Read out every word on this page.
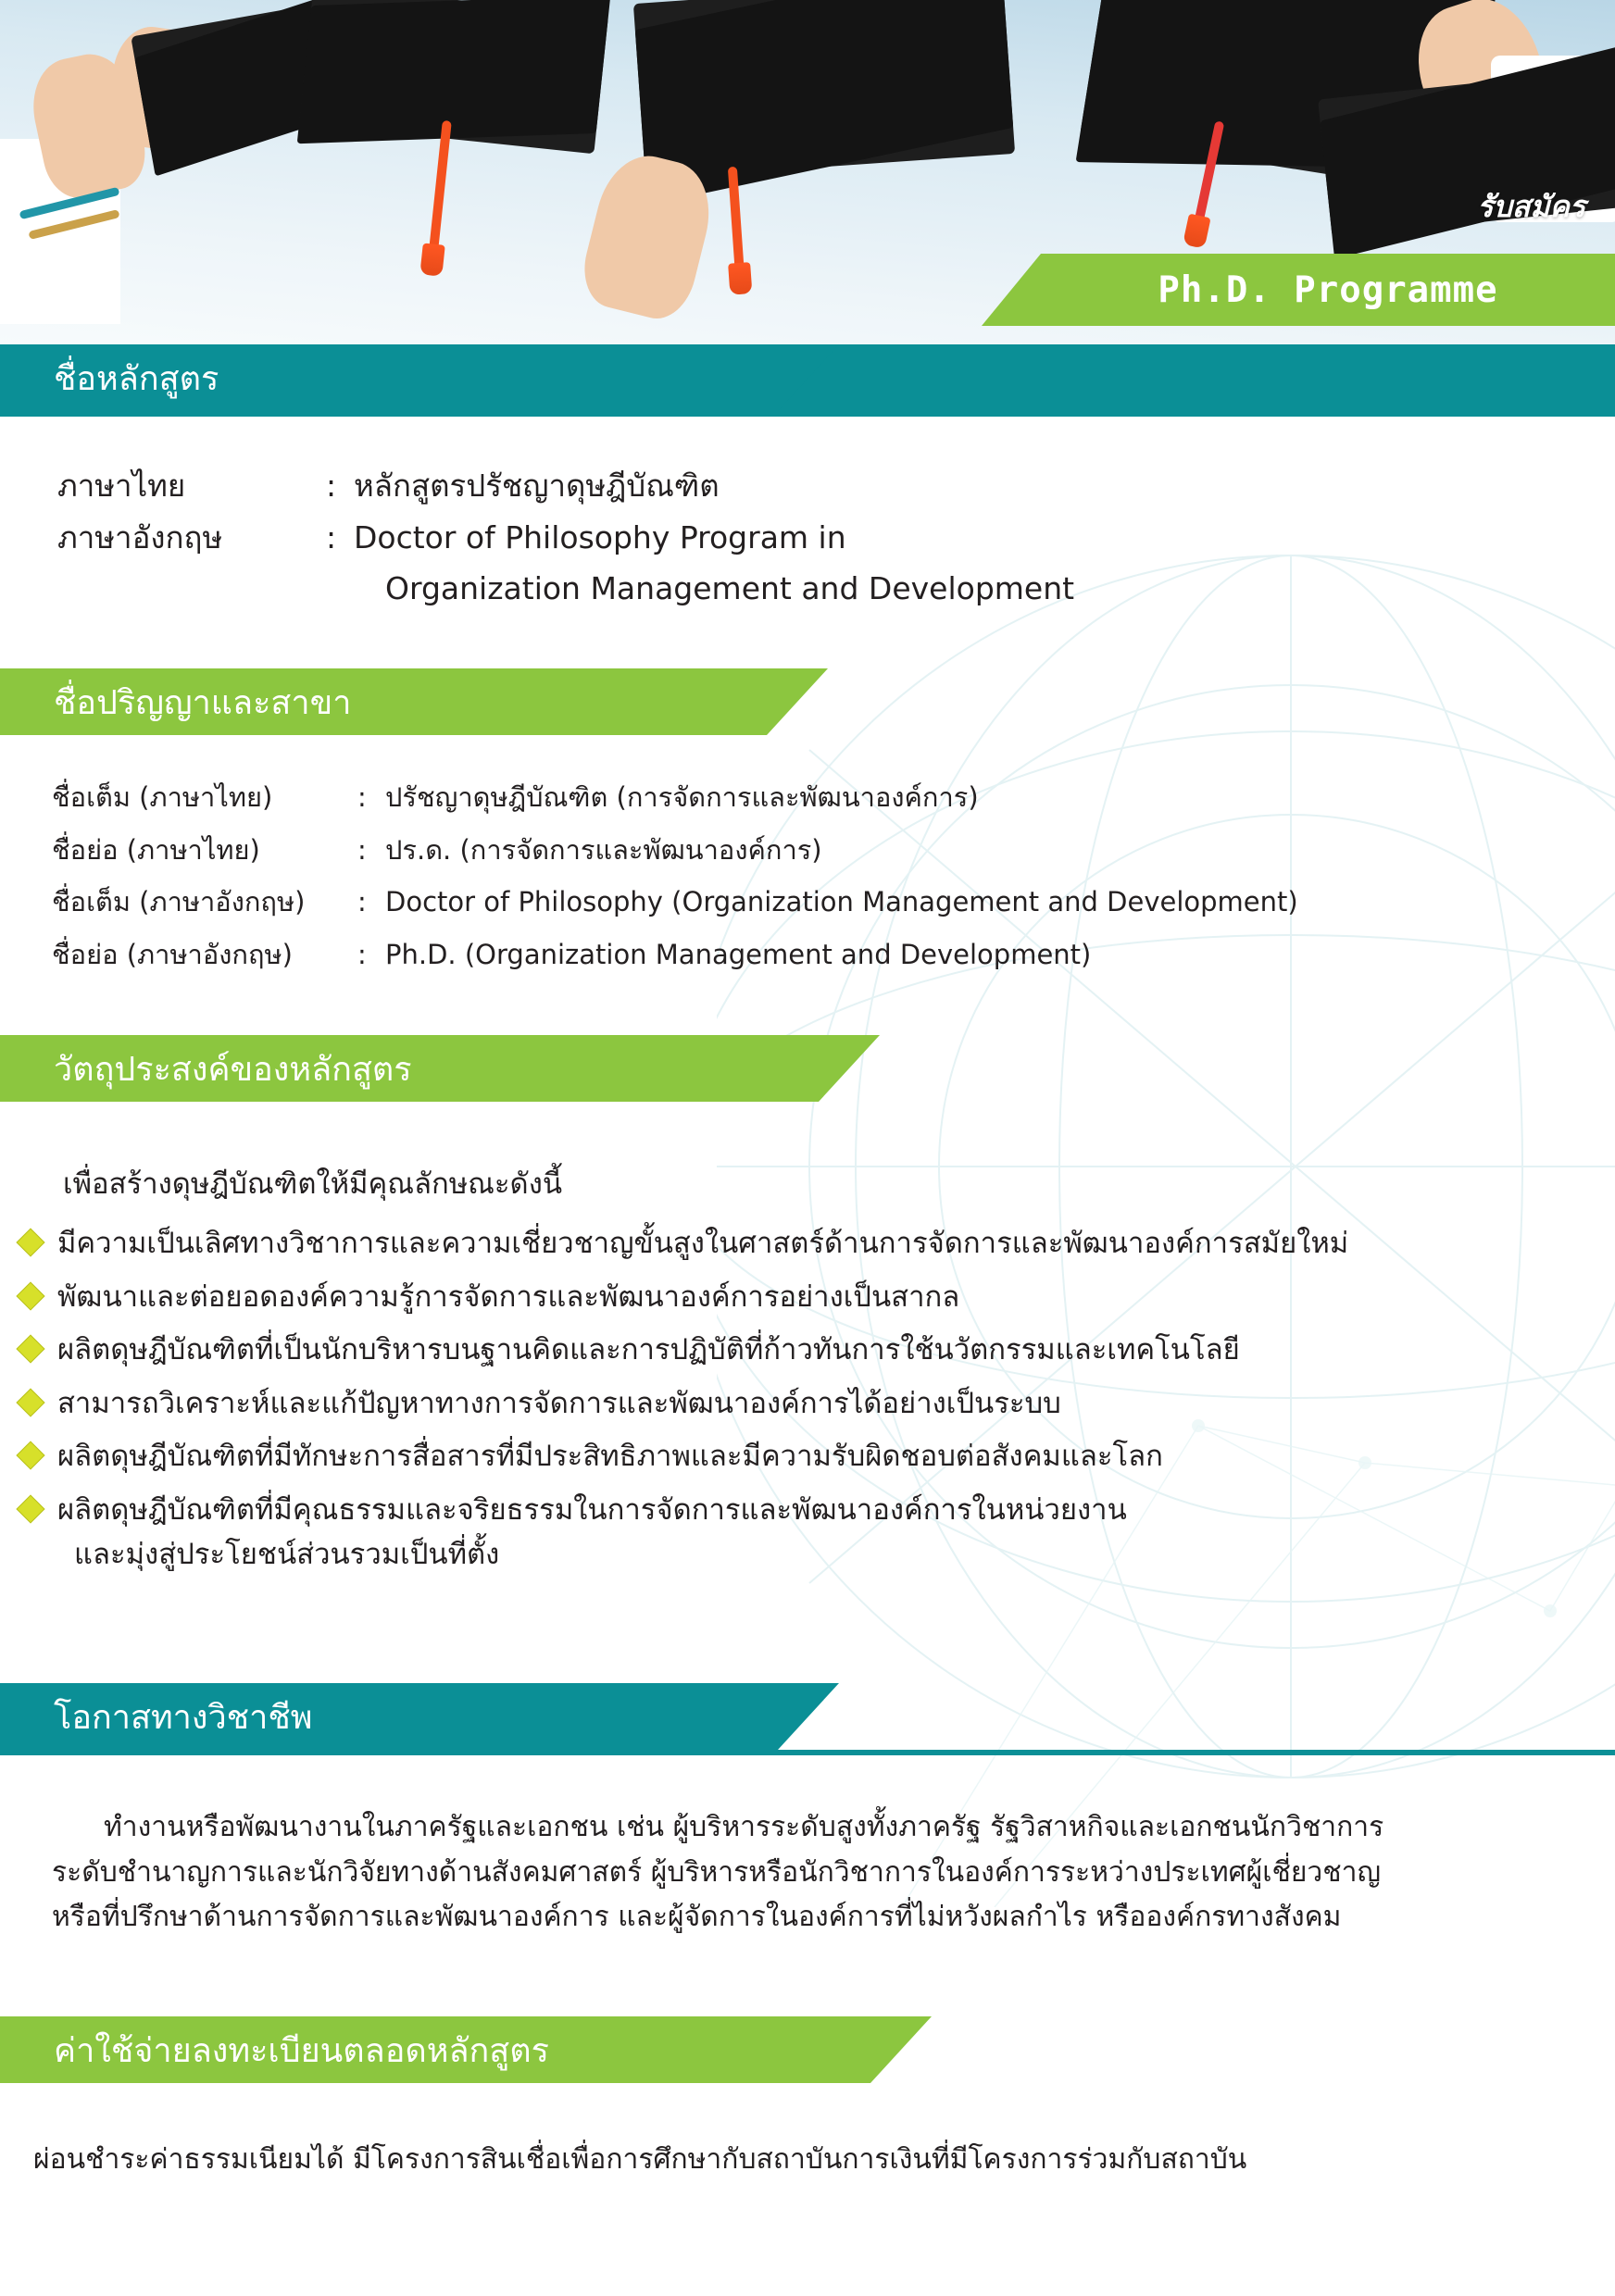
รับสมัคร
Ph.D. Programme
ชื่อหลักสูตร
ภาษาไทย	: หลักสูตรปรัชญาดุษฎีบัณฑิต
ภาษาอังกฤษ	: Doctor of Philosophy Program in
Organization Management and Development
ชื่อปริญญาและสาขา
ชื่อเต็ม (ภาษาไทย)	: ปรัชญาดุษฎีบัณฑิต (การจัดการและพัฒนาองค์การ)
ชื่อย่อ (ภาษาไทย)	: ปร.ด. (การจัดการและพัฒนาองค์การ)
ชื่อเต็ม (ภาษาอังกฤษ)	: Doctor of Philosophy (Organization Management and Development)
ชื่อย่อ (ภาษาอังกฤษ)	: Ph.D. (Organization Management and Development)
วัตถุประสงค์ของหลักสูตร
เพื่อสร้างดุษฎีบัณฑิตให้มีคุณลักษณะดังนี้
มีความเป็นเลิศทางวิชาการและความเชี่ยวชาญขั้นสูงในศาสตร์ด้านการจัดการและพัฒนาองค์การสมัยใหม่
พัฒนาและต่อยอดองค์ความรู้การจัดการและพัฒนาองค์การอย่างเป็นสากล
ผลิตดุษฎีบัณฑิตที่เป็นนักบริหารบนฐานคิดและการปฏิบัติที่ก้าวทันการใช้นวัตกรรมและเทคโนโลยี
สามารถวิเคราะห์และแก้ปัญหาทางการจัดการและพัฒนาองค์การได้อย่างเป็นระบบ
ผลิตดุษฎีบัณฑิตที่มีทักษะการสื่อสารที่มีประสิทธิภาพและมีความรับผิดชอบต่อสังคมและโลก
ผลิตดุษฎีบัณฑิตที่มีคุณธรรมและจริยธรรมในการจัดการและพัฒนาองค์การในหน่วยงาน
และมุ่งสู่ประโยชน์ส่วนรวมเป็นที่ตั้ง
โอกาสทางวิชาชีพ
ทำงานหรือพัฒนางานในภาครัฐและเอกชน เช่น ผู้บริหารระดับสูงทั้งภาครัฐ รัฐวิสาหกิจและเอกชนนักวิชาการ
ระดับชำนาญการและนักวิจัยทางด้านสังคมศาสตร์ ผู้บริหารหรือนักวิชาการในองค์การระหว่างประเทศผู้เชี่ยวชาญ
หรือที่ปรึกษาด้านการจัดการและพัฒนาองค์การ และผู้จัดการในองค์การที่ไม่หวังผลกำไร หรือองค์กรทางสังคม
ค่าใช้จ่ายลงทะเบียนตลอดหลักสูตร
ผ่อนชำระค่าธรรมเนียมได้ มีโครงการสินเชื่อเพื่อการศึกษากับสถาบันการเงินที่มีโครงการร่วมกับสถาบัน
